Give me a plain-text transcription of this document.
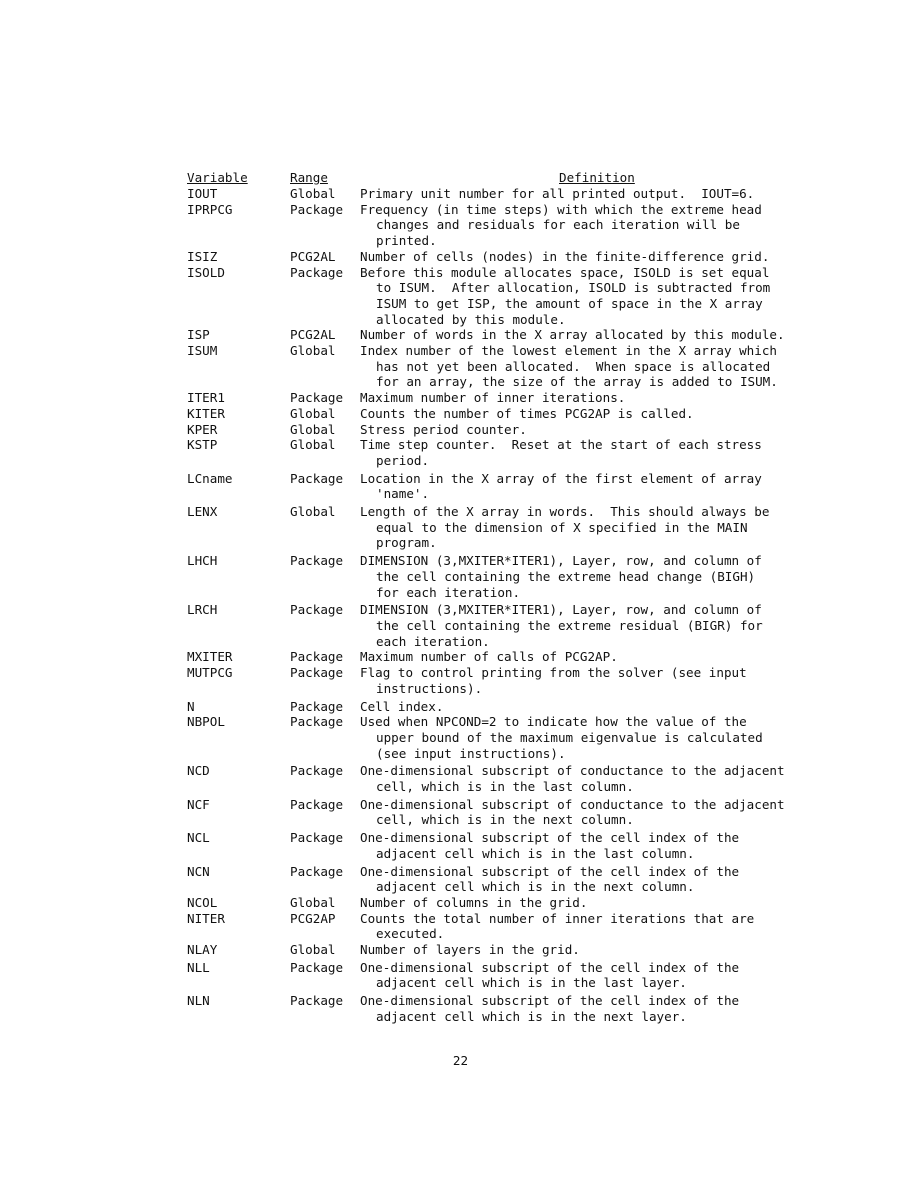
Variable	Range	Definition
IOUT	Global Primary unit number for all printed output.  IOUT=6.
IPRPCG	Package Frequency (in time steps) with which the extreme head
changes and residuals for each iteration will be
printed.
ISIZ	PCG2AL Number of cells (nodes) in the finite-difference grid.
ISOLD	Package Before this module allocates space, ISOLD is set equal
to ISUM.  After allocation, ISOLD is subtracted from
ISUM to get ISP, the amount of space in the X array
allocated by this module.
ISP	PCG2AL Number of words in the X array allocated by this module.
ISUM	Global Index number of the lowest element in the X array which
has not yet been allocated.  When space is allocated
for an array, the size of the array is added to ISUM.
ITER1	Package Maximum number of inner iterations.
KITER	Global Counts the number of times PCG2AP is called.
KPER	Global Stress period counter.
KSTP	Global Time step counter.  Reset at the start of each stress
period.
LCname	Package Location in the X array of the first element of array
'name'.
LENX	Global Length of the X array in words.  This should always be
equal to the dimension of X specified in the MAIN
program.
LHCH	Package DIMENSION (3,MXITER*ITER1), Layer, row, and column of
the cell containing the extreme head change (BIGH)
for each iteration.
LRCH	Package DIMENSION (3,MXITER*ITER1), Layer, row, and column of
the cell containing the extreme residual (BIGR) for
each iteration.
MXITER	Package Maximum number of calls of PCG2AP.
MUTPCG	Package Flag to control printing from the solver (see input
instructions).
N	Package Cell index.
NBPOL	Package Used when NPCOND=2 to indicate how the value of the
upper bound of the maximum eigenvalue is calculated
(see input instructions).
NCD	Package One-dimensional subscript of conductance to the adjacent
cell, which is in the last column.
NCF	Package One-dimensional subscript of conductance to the adjacent
cell, which is in the next column.
NCL	Package One-dimensional subscript of the cell index of the
adjacent cell which is in the last column.
NCN	Package One-dimensional subscript of the cell index of the
adjacent cell which is in the next column.
NCOL	Global Number of columns in the grid.
NITER	PCG2AP Counts the total number of inner iterations that are
executed.
NLAY	Global Number of layers in the grid.
NLL	Package One-dimensional subscript of the cell index of the
adjacent cell which is in the last layer.
NLN	Package One-dimensional subscript of the cell index of the
adjacent cell which is in the next layer.
22
